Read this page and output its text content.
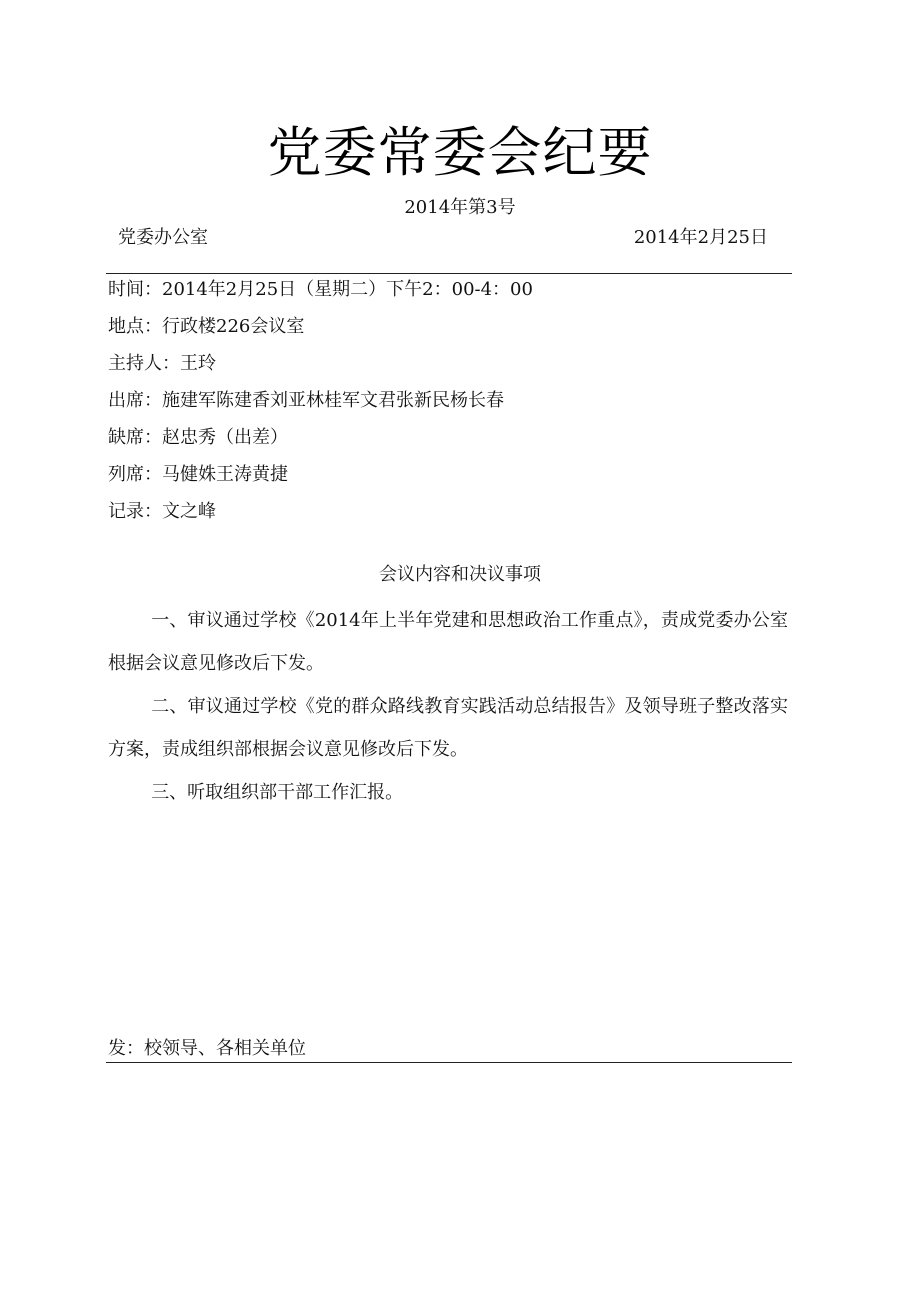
党委常委会纪要
2014年第3号
党委办公室	2014年2月25日
时间：2014年2月25日（星期二）下午2：00-4：00
地点：行政楼226会议室
主持人：王玲
出席：施建军陈建香刘亚林桂军文君张新民杨长春
缺席：赵忠秀（出差）
列席：马健姝王涛黄捷
记录：文之峰
会议内容和决议事项

一、审议通过学校《2014年上半年党建和思想政治工作重点》，责成党委办公室根据会议意见修改后下发。

二、审议通过学校《党的群众路线教育实践活动总结报告》及领导班子整改落实方案，责成组织部根据会议意见修改后下发。

三、听取组织部干部工作汇报。

发：校领导、各相关单位
